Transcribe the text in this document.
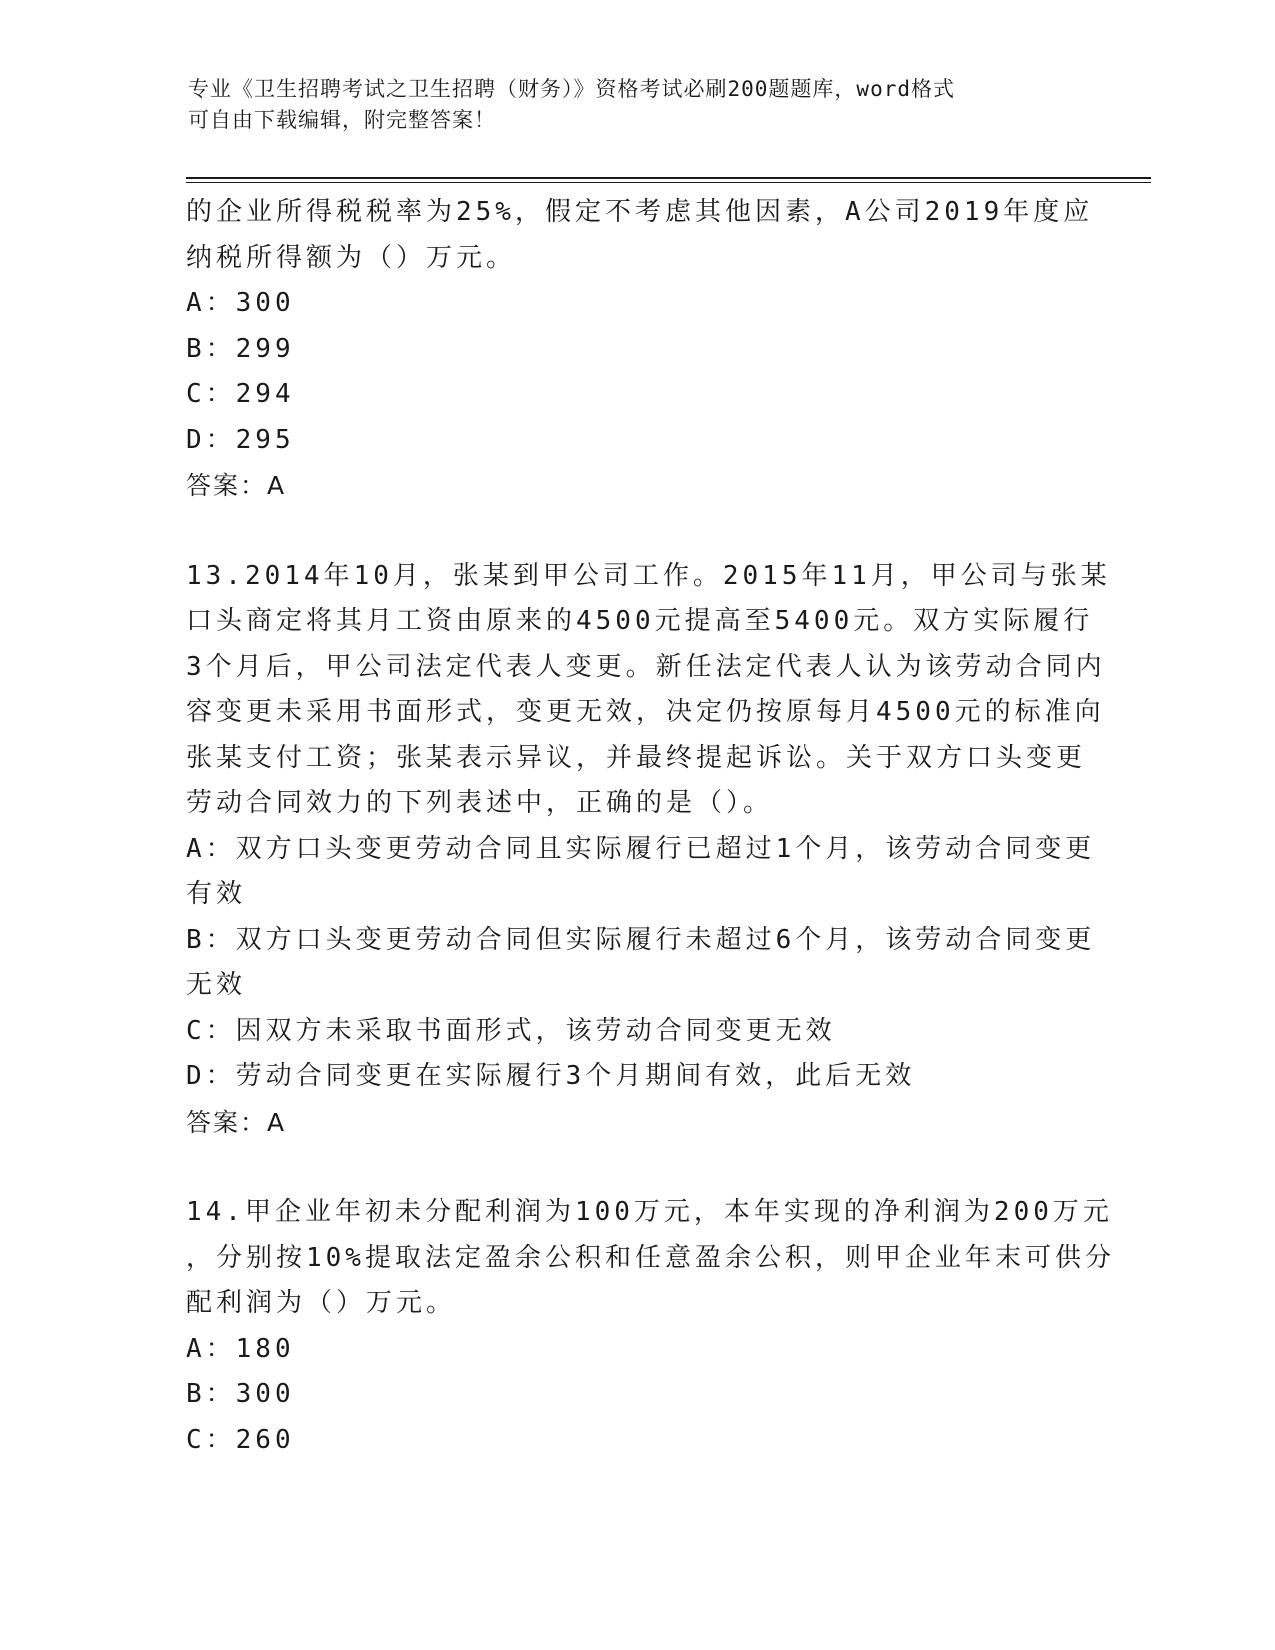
专业《卫生招聘考试之卫生招聘（财务）》资格考试必刷200题题库，word格式
可自由下载编辑，附完整答案！
的企业所得税税率为25%，假定不考虑其他因素，A公司2019年度应
纳税所得额为（）万元。
A：300
B：299
C：294
D：295
答案：A
13.2014年10月，张某到甲公司工作。2015年11月，甲公司与张某
口头商定将其月工资由原来的4500元提高至5400元。双方实际履行
3个月后，甲公司法定代表人变更。新任法定代表人认为该劳动合同内
容变更未采用书面形式，变更无效，决定仍按原每月4500元的标准向
张某支付工资；张某表示异议，并最终提起诉讼。关于双方口头变更
劳动合同效力的下列表述中，正确的是（）。
A：双方口头变更劳动合同且实际履行已超过1个月，该劳动合同变更
有效
B：双方口头变更劳动合同但实际履行未超过6个月，该劳动合同变更
无效
C：因双方未采取书面形式，该劳动合同变更无效
D：劳动合同变更在实际履行3个月期间有效，此后无效
答案：A
14.甲企业年初未分配利润为100万元，本年实现的净利润为200万元
，分别按10%提取法定盈余公积和任意盈余公积，则甲企业年末可供分
配利润为（）万元。
A：180
B：300
C：260
